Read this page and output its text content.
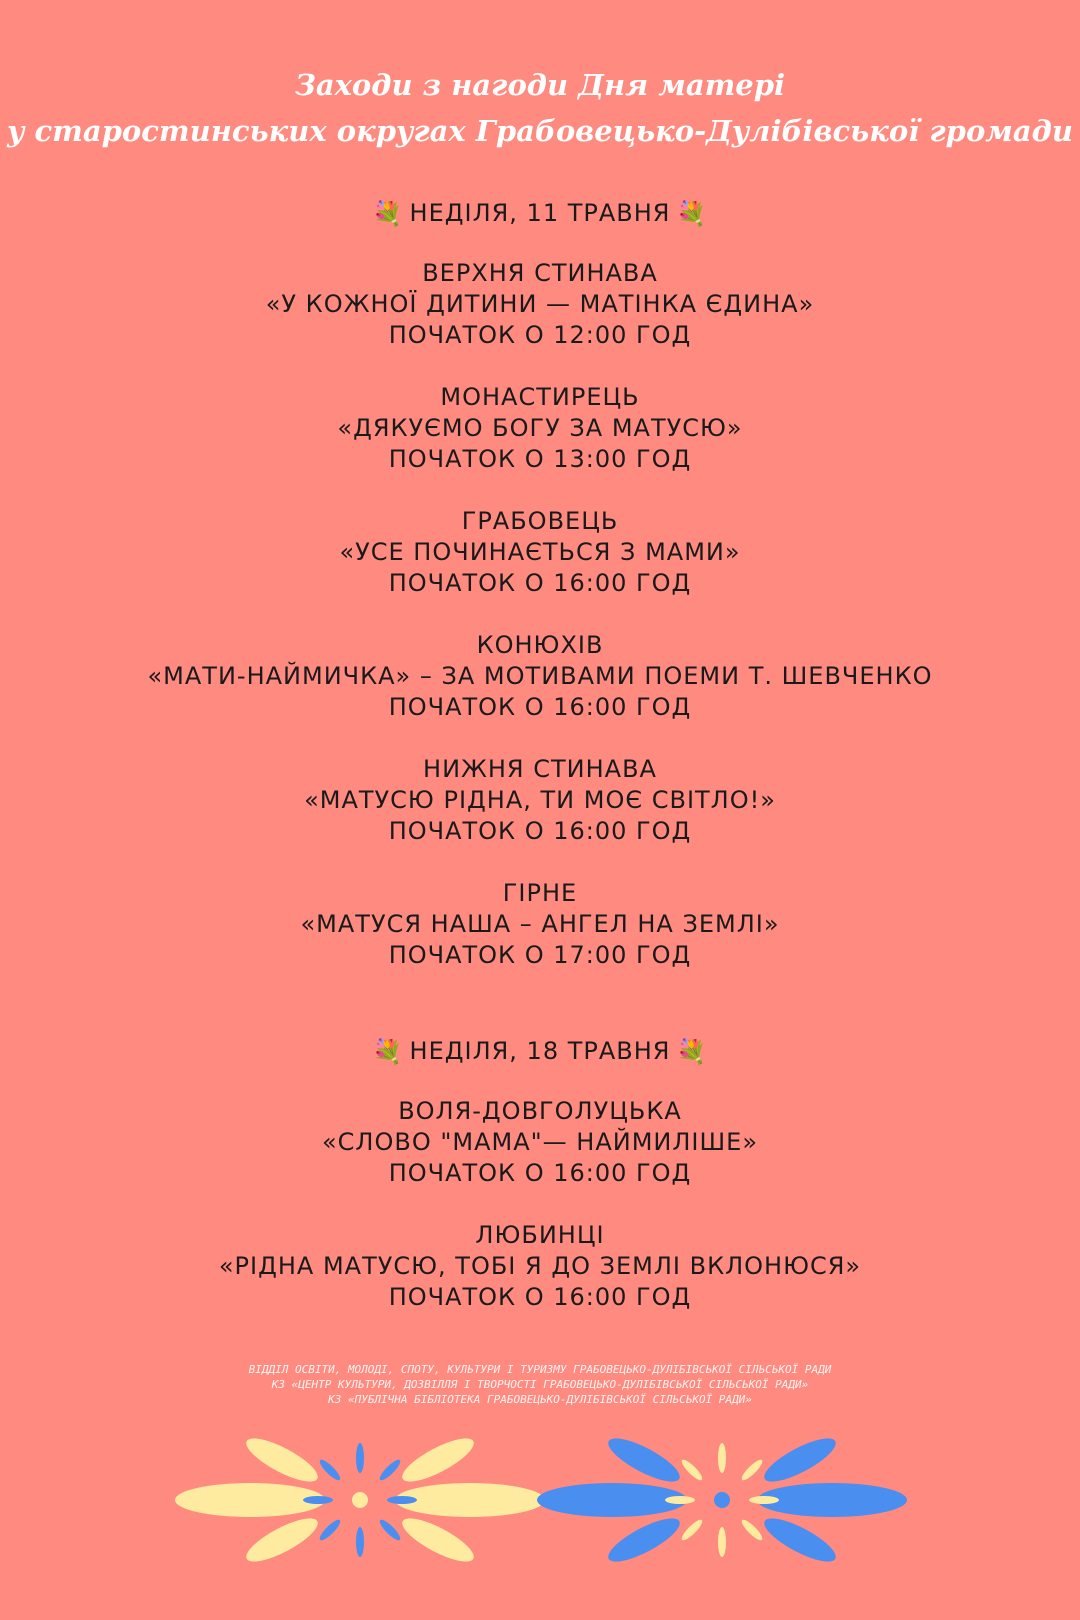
Заходи з нагоди Дня матері
у старостинських округах Грабовецько-Дулібівської громади
💐 НЕДІЛЯ, 11 ТРАВНЯ 💐
ВЕРХНЯ СТИНАВА
«У КОЖНОЇ ДИТИНИ — МАТІНКА ЄДИНА»
ПОЧАТОК О 12:00 ГОД
МОНАСТИРЕЦЬ
«ДЯКУЄМО БОГУ ЗА МАТУСЮ»
ПОЧАТОК О 13:00 ГОД
ГРАБОВЕЦЬ
«УСЕ ПОЧИНАЄТЬСЯ З МАМИ»
ПОЧАТОК О 16:00 ГОД
КОНЮХІВ
«МАТИ-НАЙМИЧКА» – ЗА МОТИВАМИ ПОЕМИ Т. ШЕВЧЕНКО
ПОЧАТОК О 16:00 ГОД
НИЖНЯ СТИНАВА
«МАТУСЮ РІДНА, ТИ МОЄ СВІТЛО!»
ПОЧАТОК О 16:00 ГОД
ГІРНЕ
«МАТУСЯ НАША – АНГЕЛ НА ЗЕМЛІ»
ПОЧАТОК О 17:00 ГОД
💐 НЕДІЛЯ, 18 ТРАВНЯ 💐
ВОЛЯ-ДОВГОЛУЦЬКА
«СЛОВО "МАМА"— НАЙМИЛІШЕ»
ПОЧАТОК О 16:00 ГОД
ЛЮБИНЦІ
«РІДНА МАТУСЮ, ТОБІ Я ДО ЗЕМЛІ ВКЛОНЮСЯ»
ПОЧАТОК О 16:00 ГОД
ВІДДІЛ ОСВІТИ, МОЛОДІ, СПОТУ, КУЛЬТУРИ І ТУРИЗМУ ГРАБОВЕЦЬКО-ДУЛІБІВСЬКОЇ СІЛЬСЬКОЇ РАДИ
КЗ «ЦЕНТР КУЛЬТУРИ, ДОЗВІЛЛЯ І ТВОРЧОСТІ ГРАБОВЕЦЬКО-ДУЛІБІВСЬКОЇ СІЛЬСЬКОЇ РАДИ»
КЗ «ПУБЛІЧНА БІБЛІОТЕКА ГРАБОВЕЦЬКО-ДУЛІБІВСЬКОЇ СІЛЬСЬКОЇ РАДИ»
